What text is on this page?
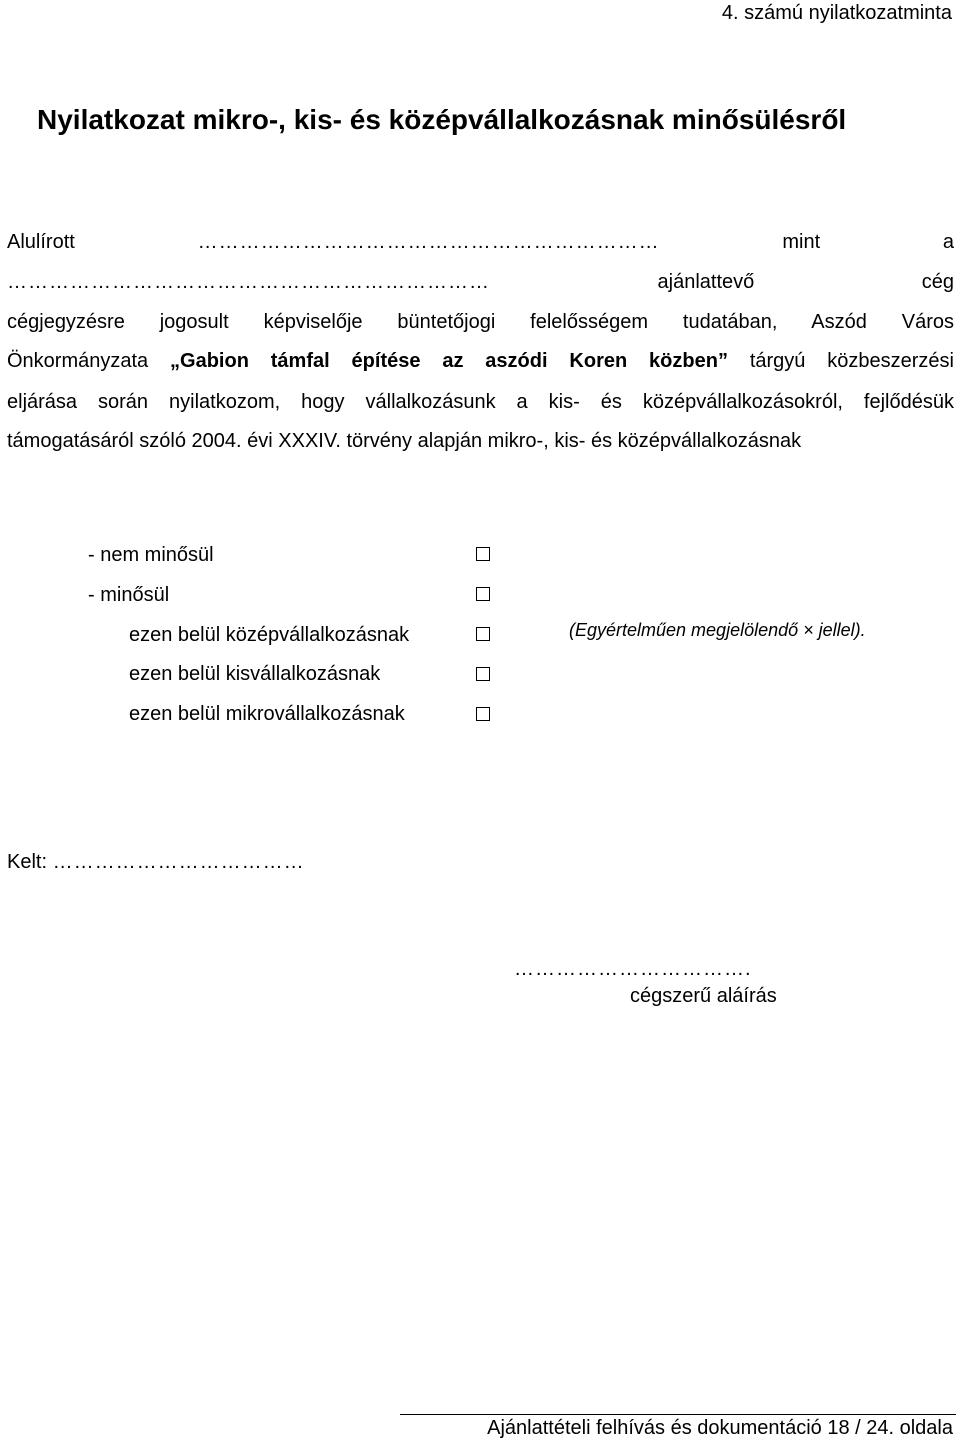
4. számú nyilatkozatminta
Nyilatkozat mikro-, kis- és középvállalkozásnak minősülésről
Alulírott	…………………………………………………………	mint a
……………………………………………………………	ajánlattevő cég
cégjegyzésre jogosult képviselője büntetőjogi felelősségem tudatában, Aszód Város
Önkormányzata „Gabion támfal építése az aszódi Koren közben” tárgyú közbeszerzési
eljárása során nyilatkozom, hogy vállalkozásunk a kis- és középvállalkozásokról, fejlődésük
támogatásáról szóló 2004. évi XXXIV. törvény alapján mikro-, kis- és középvállalkozásnak
- nem minősül
- minősül
ezen belül középvállalkozásnak
ezen belül kisvállalkozásnak
ezen belül mikrovállalkozásnak
(Egyértelműen megjelölendő × jellel).
Kelt: ………………………………
…………………………….
cégszerű aláírás
Ajánlattételi felhívás és dokumentáció 18 / 24. oldala
